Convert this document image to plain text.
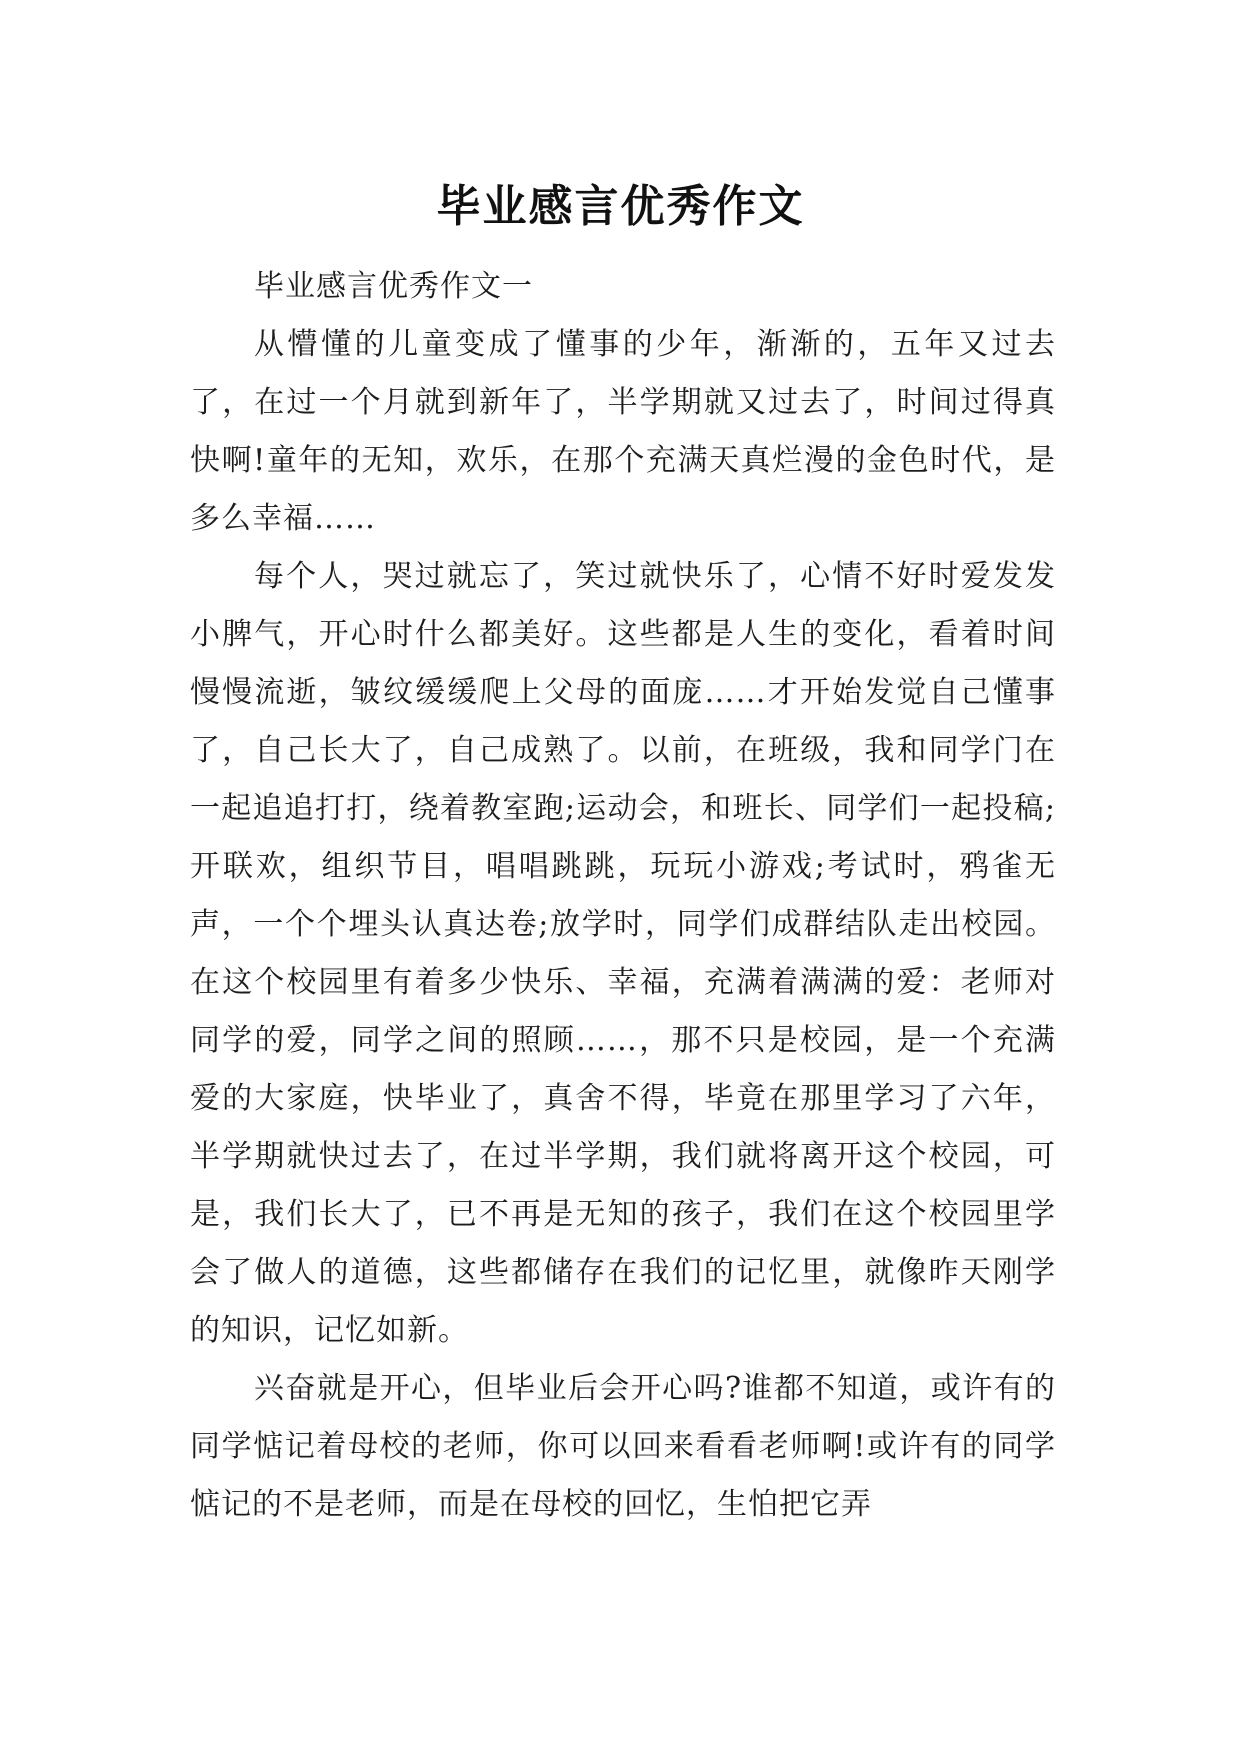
毕业感言优秀作文

毕业感言优秀作文一

从懵懂的儿童变成了懂事的少年，渐渐的，五年又过去了，在过一个月就到新年了，半学期就又过去了，时间过得真快啊!童年的无知，欢乐，在那个充满天真烂漫的金色时代，是多么幸福……

每个人，哭过就忘了，笑过就快乐了，心情不好时爱发发小脾气，开心时什么都美好。这些都是人生的变化，看着时间慢慢流逝，皱纹缓缓爬上父母的面庞……才开始发觉自己懂事了，自己长大了，自己成熟了。以前，在班级，我和同学门在一起追追打打，绕着教室跑;运动会，和班长、同学们一起投稿;开联欢，组织节目，唱唱跳跳，玩玩小游戏;考试时，鸦雀无声，一个个埋头认真达卷;放学时，同学们成群结队走出校园。在这个校园里有着多少快乐、幸福，充满着满满的爱：老师对同学的爱，同学之间的照顾……，那不只是校园，是一个充满爱的大家庭，快毕业了，真舍不得，毕竟在那里学习了六年，半学期就快过去了，在过半学期，我们就将离开这个校园，可是，我们长大了，已不再是无知的孩子，我们在这个校园里学会了做人的道德，这些都储存在我们的记忆里，就像昨天刚学的知识，记忆如新。

兴奋就是开心，但毕业后会开心吗?谁都不知道，或许有的同学惦记着母校的老师，你可以回来看看老师啊!或许有的同学惦记的不是老师，而是在母校的回忆，生怕把它弄
